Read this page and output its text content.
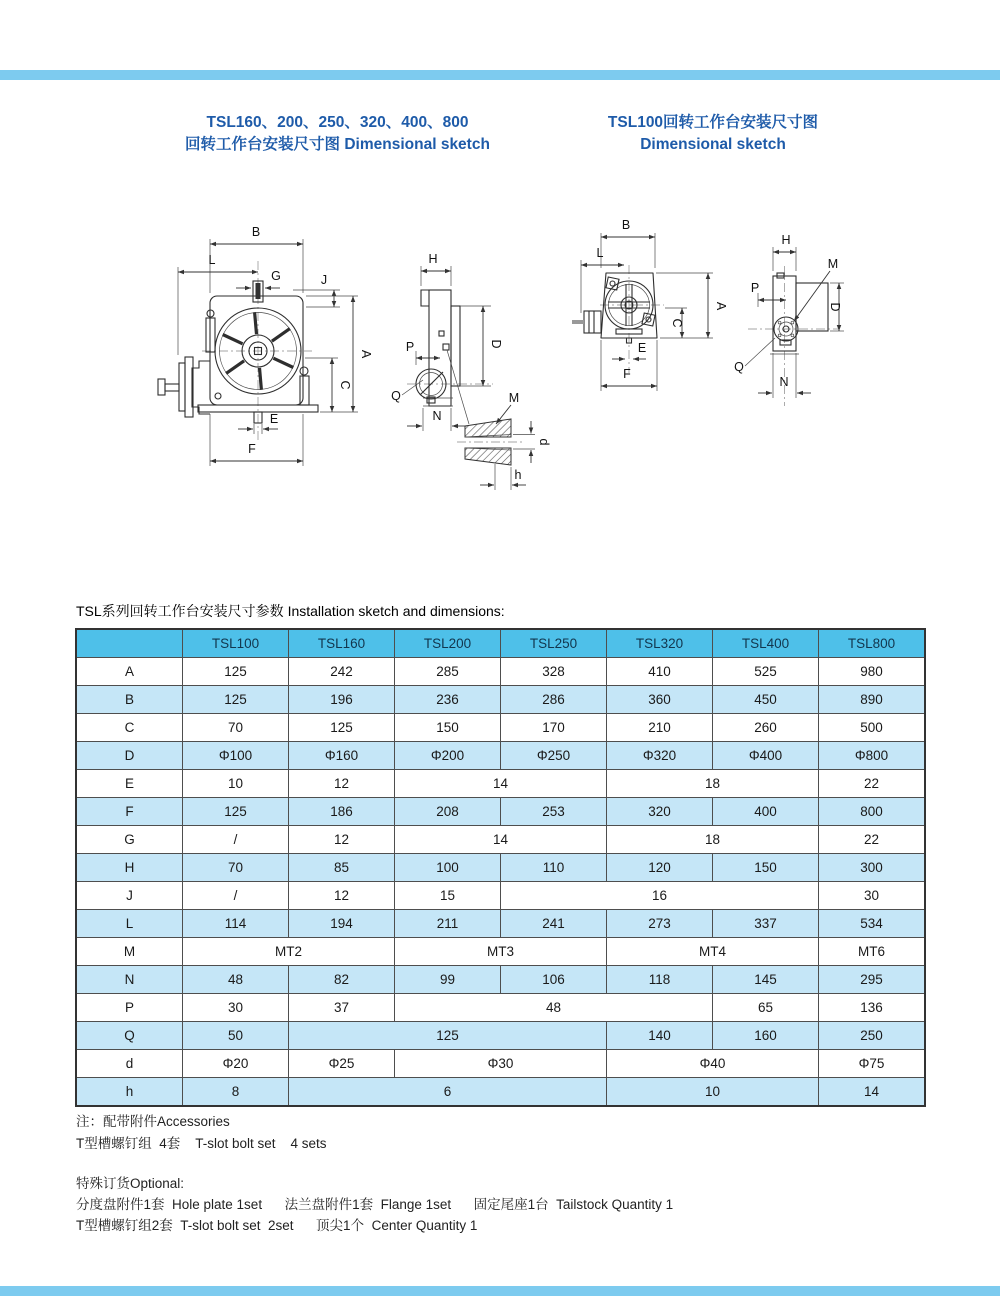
TSL160、200、250、320、400、800
回转工作台安装尺寸图 Dimensional sketch
TSL100回转工作台安装尺寸图
Dimensional sketch
B
L
G	J
A
C
E
F
H
P	D
Q
N
M
d
h
B
L
A
C
E
F
H
M
P
D
Q
N
TSL系列回转工作台安装尺寸参数 Installation sketch and dimensions:
	TSL100	TSL160	TSL200	TSL250	TSL320	TSL400	TSL800
A	125	242	285	328	410	525	980
B	125	196	236	286	360	450	890
C	70	125	150	170	210	260	500
D	Φ100	Φ160	Φ200	Φ250	Φ320	Φ400	Φ800
E	10	12	14		18		22
F	125	186	208	253	320	400	800
G	/	12	14		18		22
H	70	85	100	110	120	150	300
J	/	12	15	16			30
L	114	194	211	241	273	337	534
M	MT2		MT3		MT4		MT6
N	48	82	99	106	118	145	295
P	30	37	48			65	136
Q	50	125			140	160	250
d	Φ20	Φ25	Φ30		Φ40		Φ75
h	8	6			10		14
注：配带附件Accessories
T型槽螺钉组  4套    T-slot bolt set    4 sets
特殊订货Optional:
分度盘附件1套  Hole plate 1set      法兰盘附件1套  Flange 1set      固定尾座1台  Tailstock Quantity 1
T型槽螺钉组2套  T-slot bolt set  2set      顶尖1个  Center Quantity 1
